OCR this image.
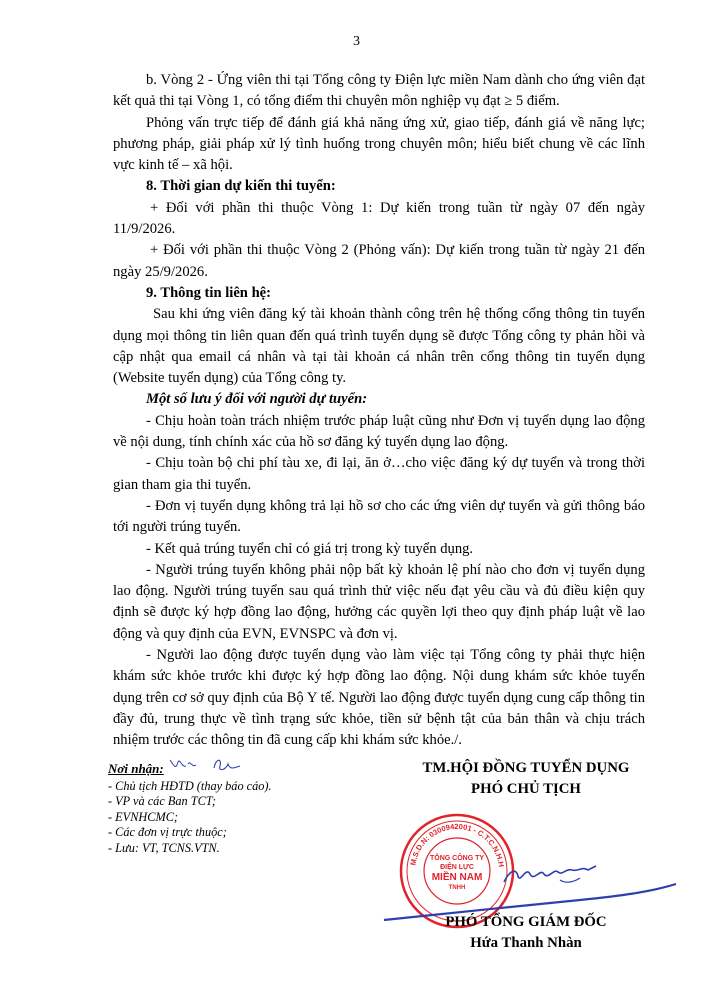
3

b. Vòng 2 - Ứng viên thi tại Tổng công ty Điện lực miền Nam dành cho ứng viên đạt kết quả thi tại Vòng 1, có tổng điểm thi chuyên môn nghiệp vụ đạt ≥ 5 điểm.

Phỏng vấn trực tiếp để đánh giá khả năng ứng xử, giao tiếp, đánh giá về năng lực; phương pháp, giải pháp xử lý tình huống trong chuyên môn; hiểu biết chung về các lĩnh vực kinh tế – xã hội.

8. Thời gian dự kiến thi tuyển:

+ Đối với phần thi thuộc Vòng 1: Dự kiến trong tuần từ ngày 07 đến ngày 11/9/2026.

+ Đối với phần thi thuộc Vòng 2 (Phỏng vấn): Dự kiến trong tuần từ ngày 21 đến ngày 25/9/2026.

9. Thông tin liên hệ:

Sau khi ứng viên đăng ký tài khoản thành công trên hệ thống cổng thông tin tuyển dụng mọi thông tin liên quan đến quá trình tuyển dụng sẽ được Tổng công ty phản hồi và cập nhật qua email cá nhân và tại tài khoản cá nhân trên cổng thông tin tuyển dụng (Website tuyển dụng) của Tổng công ty.

Một số lưu ý đối với người dự tuyển:

- Chịu hoàn toàn trách nhiệm trước pháp luật cũng như Đơn vị tuyển dụng lao động về nội dung, tính chính xác của hồ sơ đăng ký tuyển dụng lao động.

- Chịu toàn bộ chi phí tàu xe, đi lại, ăn ở…cho việc đăng ký dự tuyển và trong thời gian tham gia thi tuyển.

- Đơn vị tuyển dụng không trả lại hồ sơ cho các ứng viên dự tuyển và gửi thông báo tới người trúng tuyển.

- Kết quả trúng tuyển chỉ có giá trị trong kỳ tuyển dụng.

- Người trúng tuyển không phải nộp bất kỳ khoản lệ phí nào cho đơn vị tuyển dụng lao động. Người trúng tuyển sau quá trình thử việc nếu đạt yêu cầu và đủ điều kiện quy định sẽ được ký hợp đồng lao động, hưởng các quyền lợi theo quy định pháp luật về lao động và quy định của EVN, EVNSPC và đơn vị.

- Người lao động được tuyển dụng vào làm việc tại Tổng công ty phải thực hiện khám sức khỏe trước khi được ký hợp đồng lao động. Nội dung khám sức khỏe tuyển dụng trên cơ sở quy định của Bộ Y tế. Người lao động được tuyển dụng cung cấp thông tin đầy đủ, trung thực về tình trạng sức khỏe, tiền sử bệnh tật của bản thân và chịu trách nhiệm trước các thông tin đã cung cấp khi khám sức khỏe./.

Nơi nhận:
- Chủ tịch HĐTD (thay báo cáo).
- VP và các Ban TCT;
- EVNHCMC;
- Các đơn vị trực thuộc;
- Lưu: VT, TCNS.VTN.
TM.HỘI ĐỒNG TUYỂN DỤNG
PHÓ CHỦ TỊCH
M.S.D.N: 0300942001 - C.T.C.N.H.H
TỔNG CÔNG TY
ĐIỆN LỰC
MIỀN NAM
TNHH
PHÓ TỔNG GIÁM ĐỐC
Hứa Thanh Nhàn
